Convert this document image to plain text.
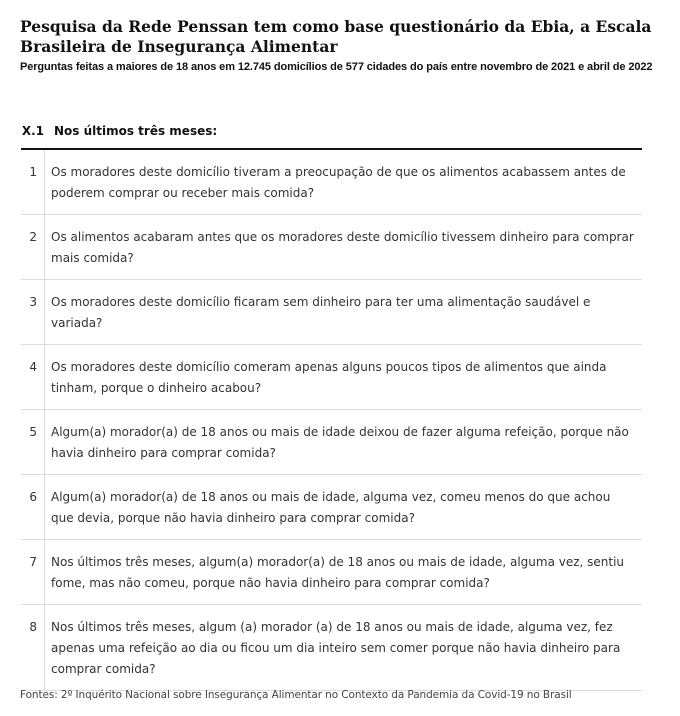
Pesquisa da Rede Penssan tem como base questionário da Ebia, a Escala Brasileira de Insegurança Alimentar

Perguntas feitas a maiores de 18 anos em 12.745 domicílios de 577 cidades do país entre novembro de 2021 e abril de 2022

X.1 Nos últimos três meses:
1	Os moradores deste domicílio tiveram a preocupação de que os alimentos acabassem antes de poderem comprar ou receber mais comida?
2	Os alimentos acabaram antes que os moradores deste domicílio tivessem dinheiro para comprar mais comida?
3	Os moradores deste domicílio ficaram sem dinheiro para ter uma alimentação saudável e variada?
4	Os moradores deste domicílio comeram apenas alguns poucos tipos de alimentos que ainda tinham, porque o dinheiro acabou?
5	Algum(a) morador(a) de 18 anos ou mais de idade deixou de fazer alguma refeição, porque não havia dinheiro para comprar comida?
6	Algum(a) morador(a) de 18 anos ou mais de idade, alguma vez, comeu menos do que achou que devia, porque não havia dinheiro para comprar comida?
7	Nos últimos três meses, algum(a) morador(a) de 18 anos ou mais de idade, alguma vez, sentiu fome, mas não comeu, porque não havia dinheiro para comprar comida?
8	Nos últimos três meses, algum (a) morador (a) de 18 anos ou mais de idade, alguma vez, fez apenas uma refeição ao dia ou ficou um dia inteiro sem comer porque não havia dinheiro para comprar comida?

Fontes: 2º Inquérito Nacional sobre Insegurança Alimentar no Contexto da Pandemia da Covid-19 no Brasil
